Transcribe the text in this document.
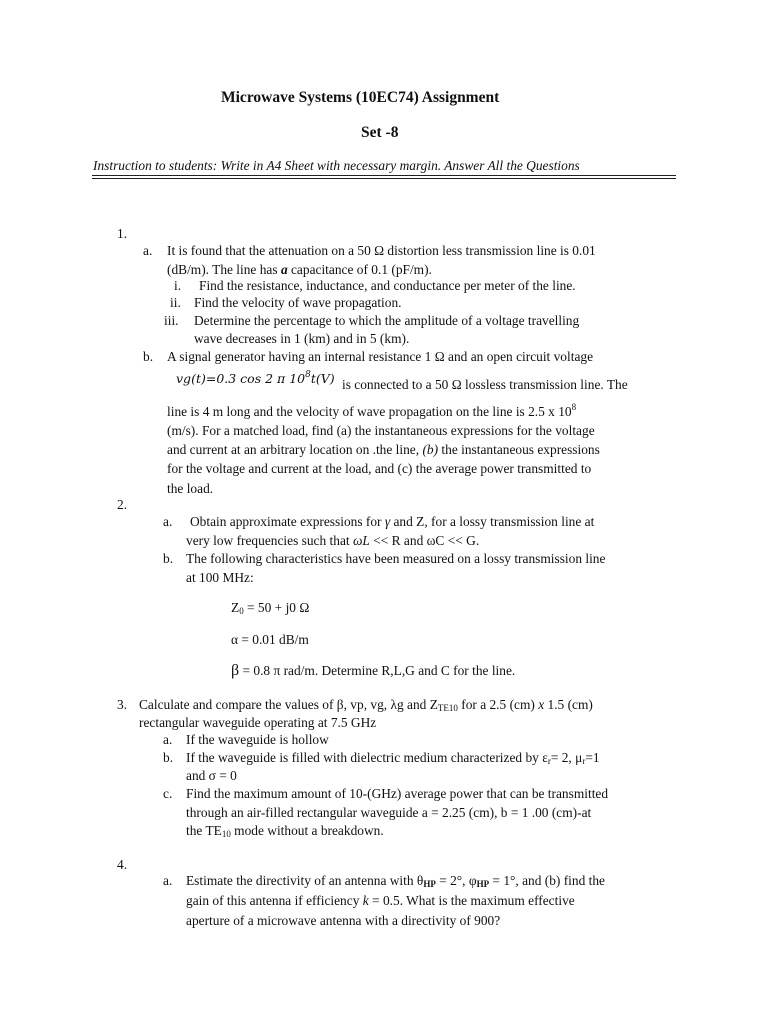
Microwave Systems (10EC74) Assignment
Set -8
Instruction to students: Write in A4 Sheet with necessary margin. Answer All the Questions
1.
a. It is found that the attenuation on a 50 Ω distortion less transmission line is 0.01
(dB/m). The line has a capacitance of 0.1 (pF/m).
i. Find the resistance, inductance, and conductance per meter of the line.
ii. Find the velocity of wave propagation.
iii. Determine the percentage to which the amplitude of a voltage travelling
wave decreases in 1 (km) and in 5 (km).
b. A signal generator having an internal resistance 1 Ω and an open circuit voltage
vg(t)=0.3 cos 2 π $10^8t(V)$ is connected to a 50 Ω lossless transmission line. The
line is 4 m long and the velocity of wave propagation on the line is 2.5 x $10^8$
(m/s). For a matched load, find (a) the instantaneous expressions for the voltage
and current at an arbitrary location on .the line, (b) the instantaneous expressions
for the voltage and current at the load, and (c) the average power transmitted to
the load.
2.
a. Obtain approximate expressions for γ and Z, for a lossy transmission line at
very low frequencies such that ωL << R and ωC << G.
b. The following characteristics have been measured on a lossy transmission line
at 100 MHz:
$Z_0 = 50 + j0$ Ω
α = 0.01 dB/m
β = 0.8 π rad/m. Determine R,L,G and C for the line.
3. Calculate and compare the values of β, vp, vg, λg and $Z_{TE10}$ for a 2.5 (cm) x 1.5 (cm)
rectangular waveguide operating at 7.5 GHz
a. If the waveguide is hollow
b. If the waveguide is filled with dielectric medium characterized by $\varepsilon_r= 2$, $\mu_r=1$
and σ = 0
c. Find the maximum amount of 10-(GHz) average power that can be transmitted
through an air-filled rectangular waveguide a = 2.25 (cm), b = 1 .00 (cm)-at
the $TE_{10}$ mode without a breakdown.
4.
a. Estimate the directivity of an antenna with $\theta_{HP} = 2^\circ$, $\varphi_{HP} = 1^\circ$, and (b) find the
gain of this antenna if efficiency k = 0.5. What is the maximum effective
aperture of a microwave antenna with a directivity of 900?
